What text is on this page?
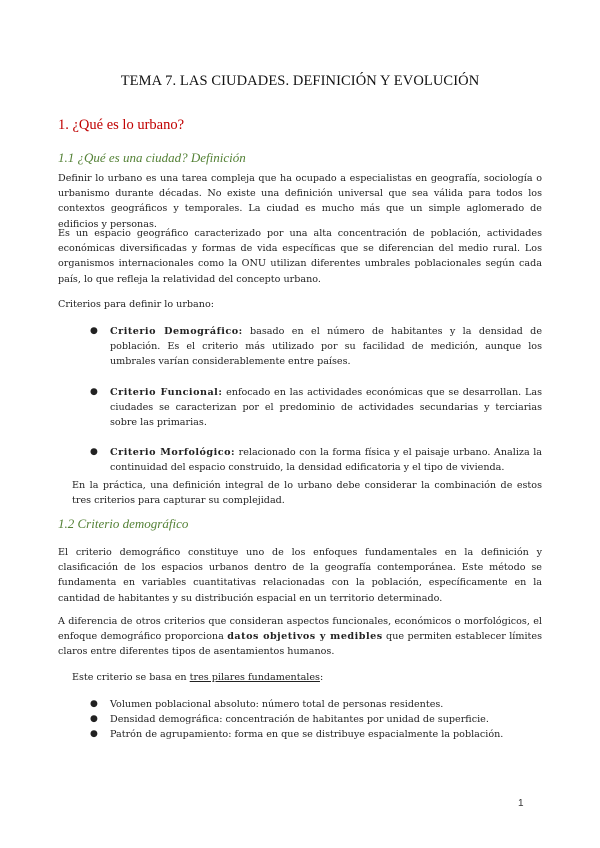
TEMA 7. LAS CIUDADES. DEFINICIÓN Y EVOLUCIÓN
1. ¿Qué es lo urbano?
1.1 ¿Qué es una ciudad? Definición

Definir lo urbano es una tarea compleja que ha ocupado a especialistas en geografía, sociología o urbanismo durante décadas. No existe una definición universal que sea válida para todos los contextos geográficos y temporales. La ciudad es mucho más que un simple aglomerado de edificios y personas.

Es un espacio geográfico caracterizado por una alta concentración de población, actividades económicas diversificadas y formas de vida específicas que se diferencian del medio rural. Los organismos internacionales como la ONU utilizan diferentes umbrales poblacionales según cada país, lo que refleja la relatividad del concepto urbano.

Criterios para definir lo urbano:

● Criterio Demográfico: basado en el número de habitantes y la densidad de población. Es el criterio más utilizado por su facilidad de medición, aunque los umbrales varían considerablemente entre países.
● Criterio Funcional: enfocado en las actividades económicas que se desarrollan. Las ciudades se caracterizan por el predominio de actividades secundarias y terciarias sobre las primarias.
● Criterio Morfológico: relacionado con la forma física y el paisaje urbano. Analiza la continuidad del espacio construido, la densidad edificatoria y el tipo de vivienda.

En la práctica, una definición integral de lo urbano debe considerar la combinación de estos tres criterios para capturar su complejidad.

1.2 Criterio demográfico

El criterio demográfico constituye uno de los enfoques fundamentales en la definición y clasificación de los espacios urbanos dentro de la geografía contemporánea. Este método se fundamenta en variables cuantitativas relacionadas con la población, específicamente en la cantidad de habitantes y su distribución espacial en un territorio determinado.

A diferencia de otros criterios que consideran aspectos funcionales, económicos o morfológicos, el enfoque demográfico proporciona datos objetivos y medibles que permiten establecer límites claros entre diferentes tipos de asentamientos humanos.

Este criterio se basa en tres pilares fundamentales:

● Volumen poblacional absoluto: número total de personas residentes.
● Densidad demográfica: concentración de habitantes por unidad de superficie.
● Patrón de agrupamiento: forma en que se distribuye espacialmente la población.
1
